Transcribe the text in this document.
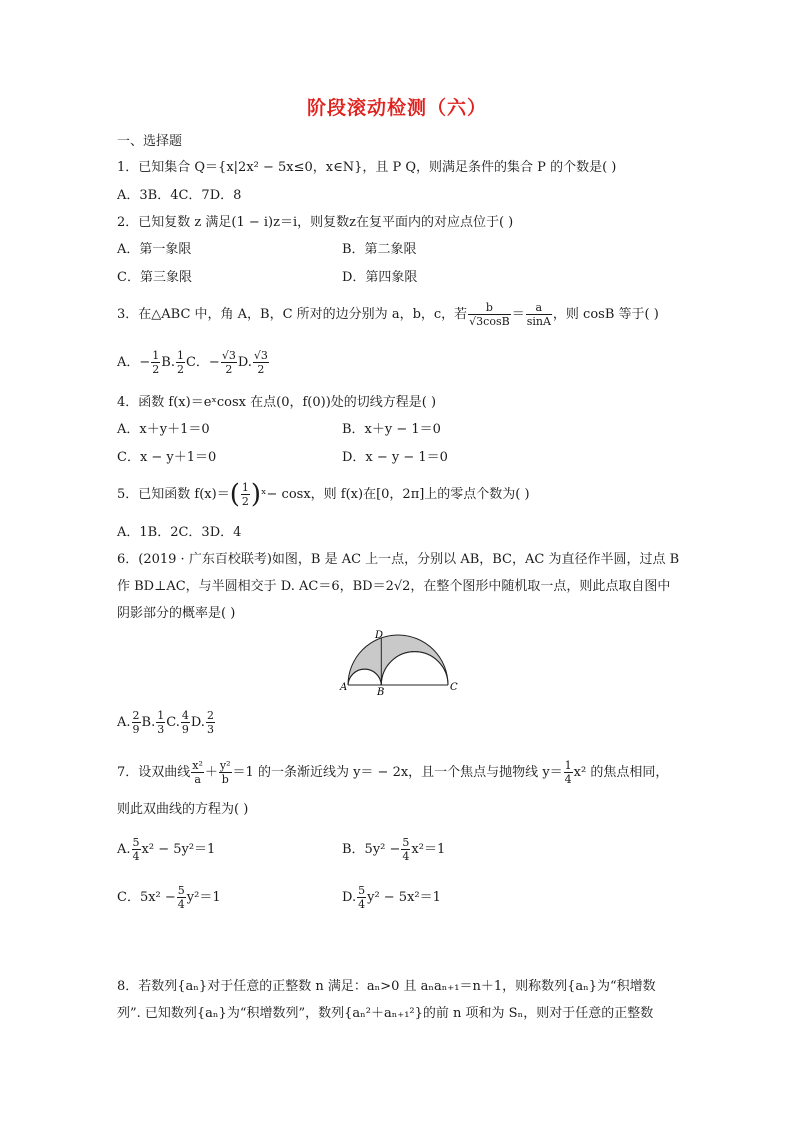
阶段滚动检测（六）
一、选择题
1．已知集合 Q＝{x|2x² − 5x≤0，x∈N}，且 P Q，则满足条件的集合 P 的个数是( )
A．3B．4C．7D．8
2．已知复数 z 满足(1 − i)z＝i，则复数z在复平面内的对应点位于( )
A．第一象限	B．第二象限
C．第三象限	D．第四象限
3．在△ABC 中，角 A，B，C 所对的边分别为 a，b，c，若 $\frac{b}{√3\cos B} = \frac{a}{\sin A}$ ，则 cosB 等于( )
A．− $\frac{1}{2} B$. $\frac{1}{2}$ C．− $\frac{√3}{2} D$. $\frac{√3}{2}$
4．函数 f(x)＝eˣcosx 在点(0，f(0))处的切线方程是( )
A．x＋y＋1＝0	B．x＋y − 1＝0
C．x − y＋1＝0	D．x − y − 1＝0
5．已知函数 $f(x)=( \frac{1}{2}$ )ˣ− cosx，则 f(x)在[0，2π]上的零点个数为( )
A．1B．2C．3D．4
6．(2019 · 广东百校联考)如图，B 是 AC 上一点，分别以 AB，BC，AC 为直径作半圆，过点 B
作 BD⊥AC，与半圆相交于 D. AC＝6，BD＝2√2，在整个图形中随机取一点，则此点取自图中
阴影部分的概率是( )
A	B	C
D
A. $\frac{2}{9} B$. $\frac{1}{3} C$. $\frac{4}{9} D$. $\frac{2}{3}$
7．设双曲线 $\frac{\text{x²}}{a} + \frac{\text{y²}}{b} =1$ 的一条渐近线为 y＝ − 2x，且一个焦点与抛物线 $y= \frac{1}{4} x^2$ 的焦点相同，
则此双曲线的方程为( )
A. $\frac{5}{4} x^2 - 5y^2=1$	B．$5y^2 - \frac{5}{4} x^2=1$
C．$5x^2 - \frac{5}{4} y^2=1$	D. $\frac{5}{4} y^2 - 5x^2=1$
8．若数列{aₙ}对于任意的正整数 n 满足：aₙ>0 且 aₙaₙ₊₁＝n＋1，则称数列{aₙ}为“积增数
列”. 已知数列{aₙ}为“积增数列”，数列{aₙ²＋aₙ₊₁²}的前 n 项和为 Sₙ，则对于任意的正整数
